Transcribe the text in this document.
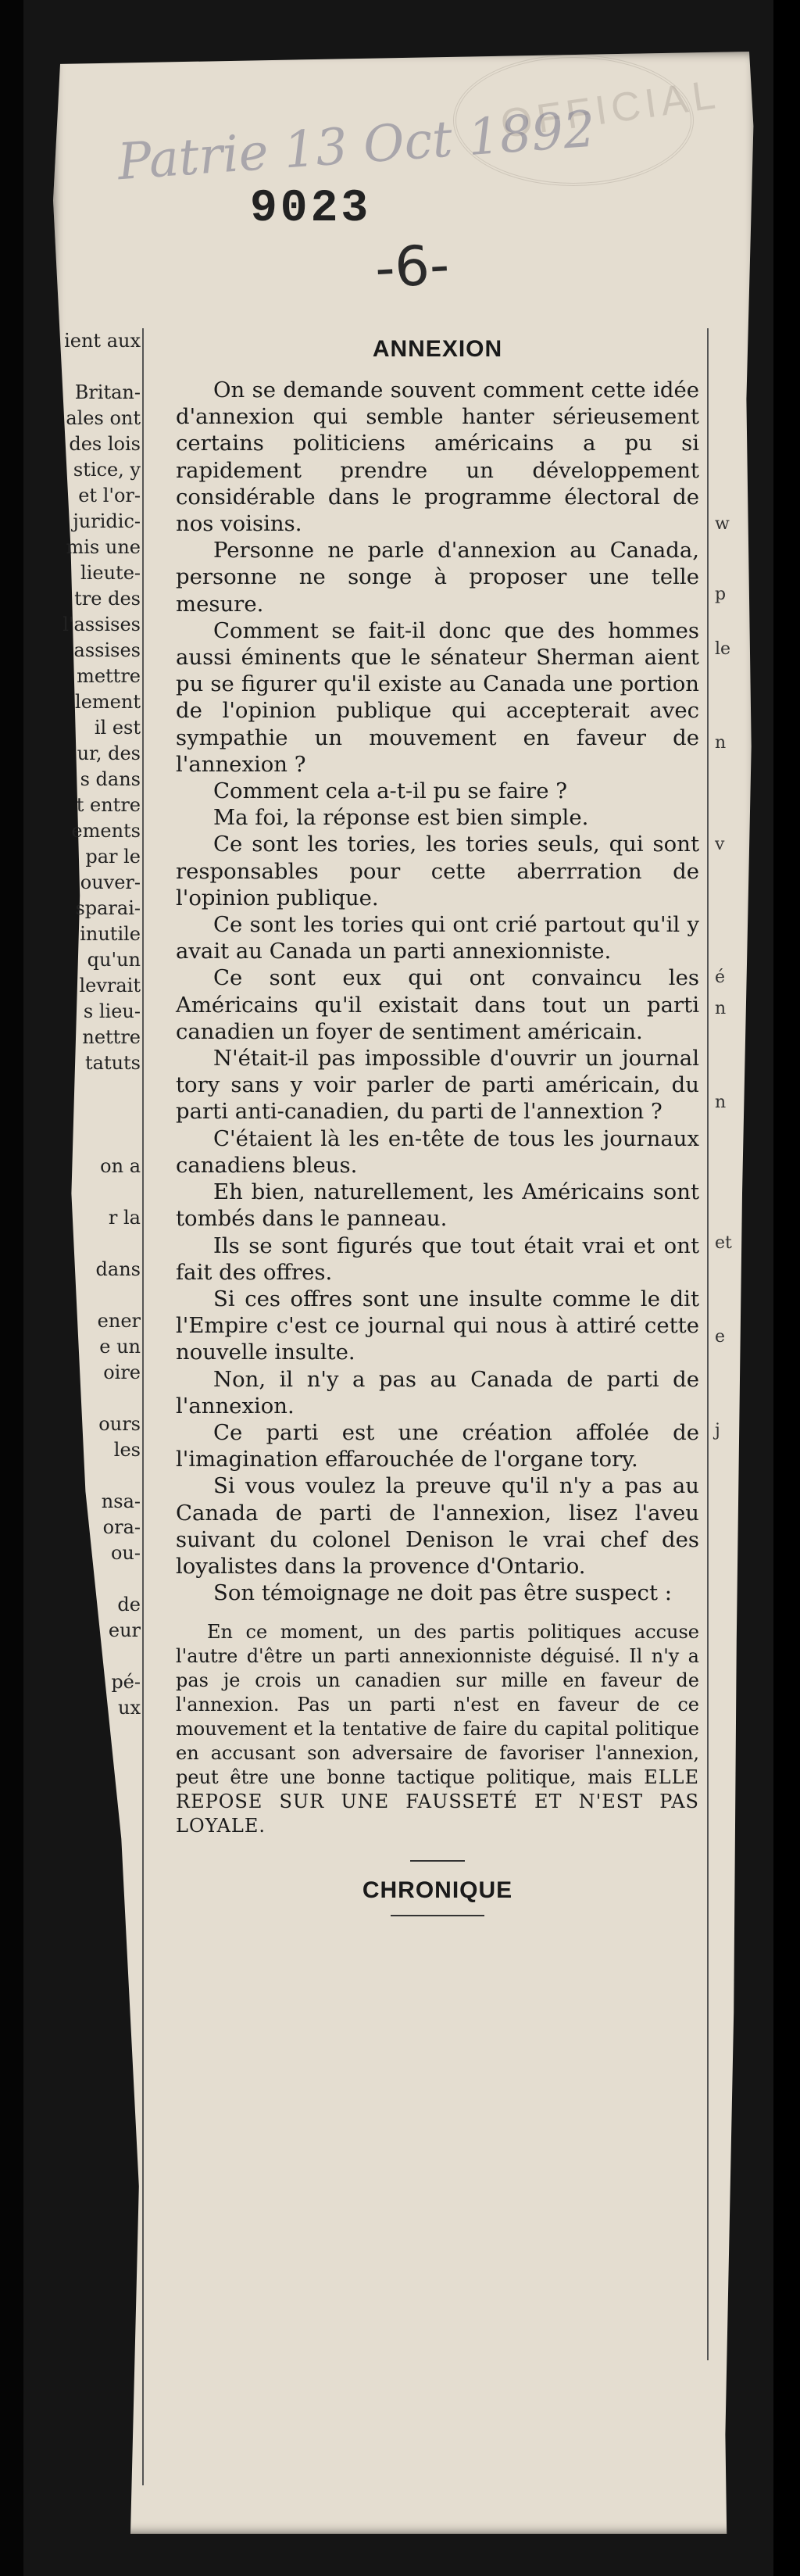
OFFICIAL
Patrie 13 Oct 1892
9023
-6-
ient aux

Britan-
ales ont
des lois
stice, y
et l'or-
juridic-
mis une
lieute-
tre des
l'assises
assises
mettre
lement
il est
ur, des
s dans
t entre
ements
par le
ouver-
sparai-
inutile
qu'un
levrait
s lieu-
nettre
tatuts

on a

r la

dans

ener
e un
oire

ours
les

nsa-
ora-
ou-

de
eur

pé-
ux
w
p
le
n
v
é
n
n
et
e
j
ANNEXION
On se demande souvent comment cette idée d'annexion qui semble hanter sérieusement certains politiciens américains a pu si rapidement prendre un développement considérable dans le programme électoral de nos voisins.
Personne ne parle d'annexion au Canada, personne ne songe à proposer une telle mesure.
Comment se fait-il donc que des hommes aussi éminents que le sénateur Sherman aient pu se figurer qu'il existe au Canada une portion de l'opinion publique qui accepterait avec sympathie un mouvement en faveur de l'annexion ?
Comment cela a-t-il pu se faire ?
Ma foi, la réponse est bien simple.
Ce sont les tories, les tories seuls, qui sont responsables pour cette aberrration de l'opinion publique.
Ce sont les tories qui ont crié partout qu'il y avait au Canada un parti annexionniste.
Ce sont eux qui ont convaincu les Américains qu'il existait dans tout un parti canadien un foyer de sentiment américain.
N'était-il pas impossible d'ouvrir un journal tory sans y voir parler de parti américain, du parti anti-canadien, du parti de l'annextion ?
C'étaient là les en-tête de tous les journaux canadiens bleus.
Eh bien, naturellement, les Américains sont tombés dans le panneau.
Ils se sont figurés que tout était vrai et ont fait des offres.
Si ces offres sont une insulte comme le dit l'Empire c'est ce journal qui nous à attiré cette nouvelle insulte.
Non, il n'y a pas au Canada de parti de l'annexion.
Ce parti est une création affolée de l'imagination effarouchée de l'organe tory.
Si vous voulez la preuve qu'il n'y a pas au Canada de parti de l'annexion, lisez l'aveu suivant du colonel Denison le vrai chef des loyalistes dans la provence d'Ontario.
Son témoignage ne doit pas être suspect :
En ce moment, un des partis politiques accuse l'autre d'être un parti annexionniste déguisé. Il n'y a pas je crois un canadien sur mille en faveur de l'annexion. Pas un parti n'est en faveur de ce mouvement et la tentative de faire du capital politique en accusant son adversaire de favoriser l'annexion, peut être une bonne tactique politique, mais ELLE REPOSE SUR UNE FAUSSETÉ ET N'EST PAS LOYALE.
CHRONIQUE
